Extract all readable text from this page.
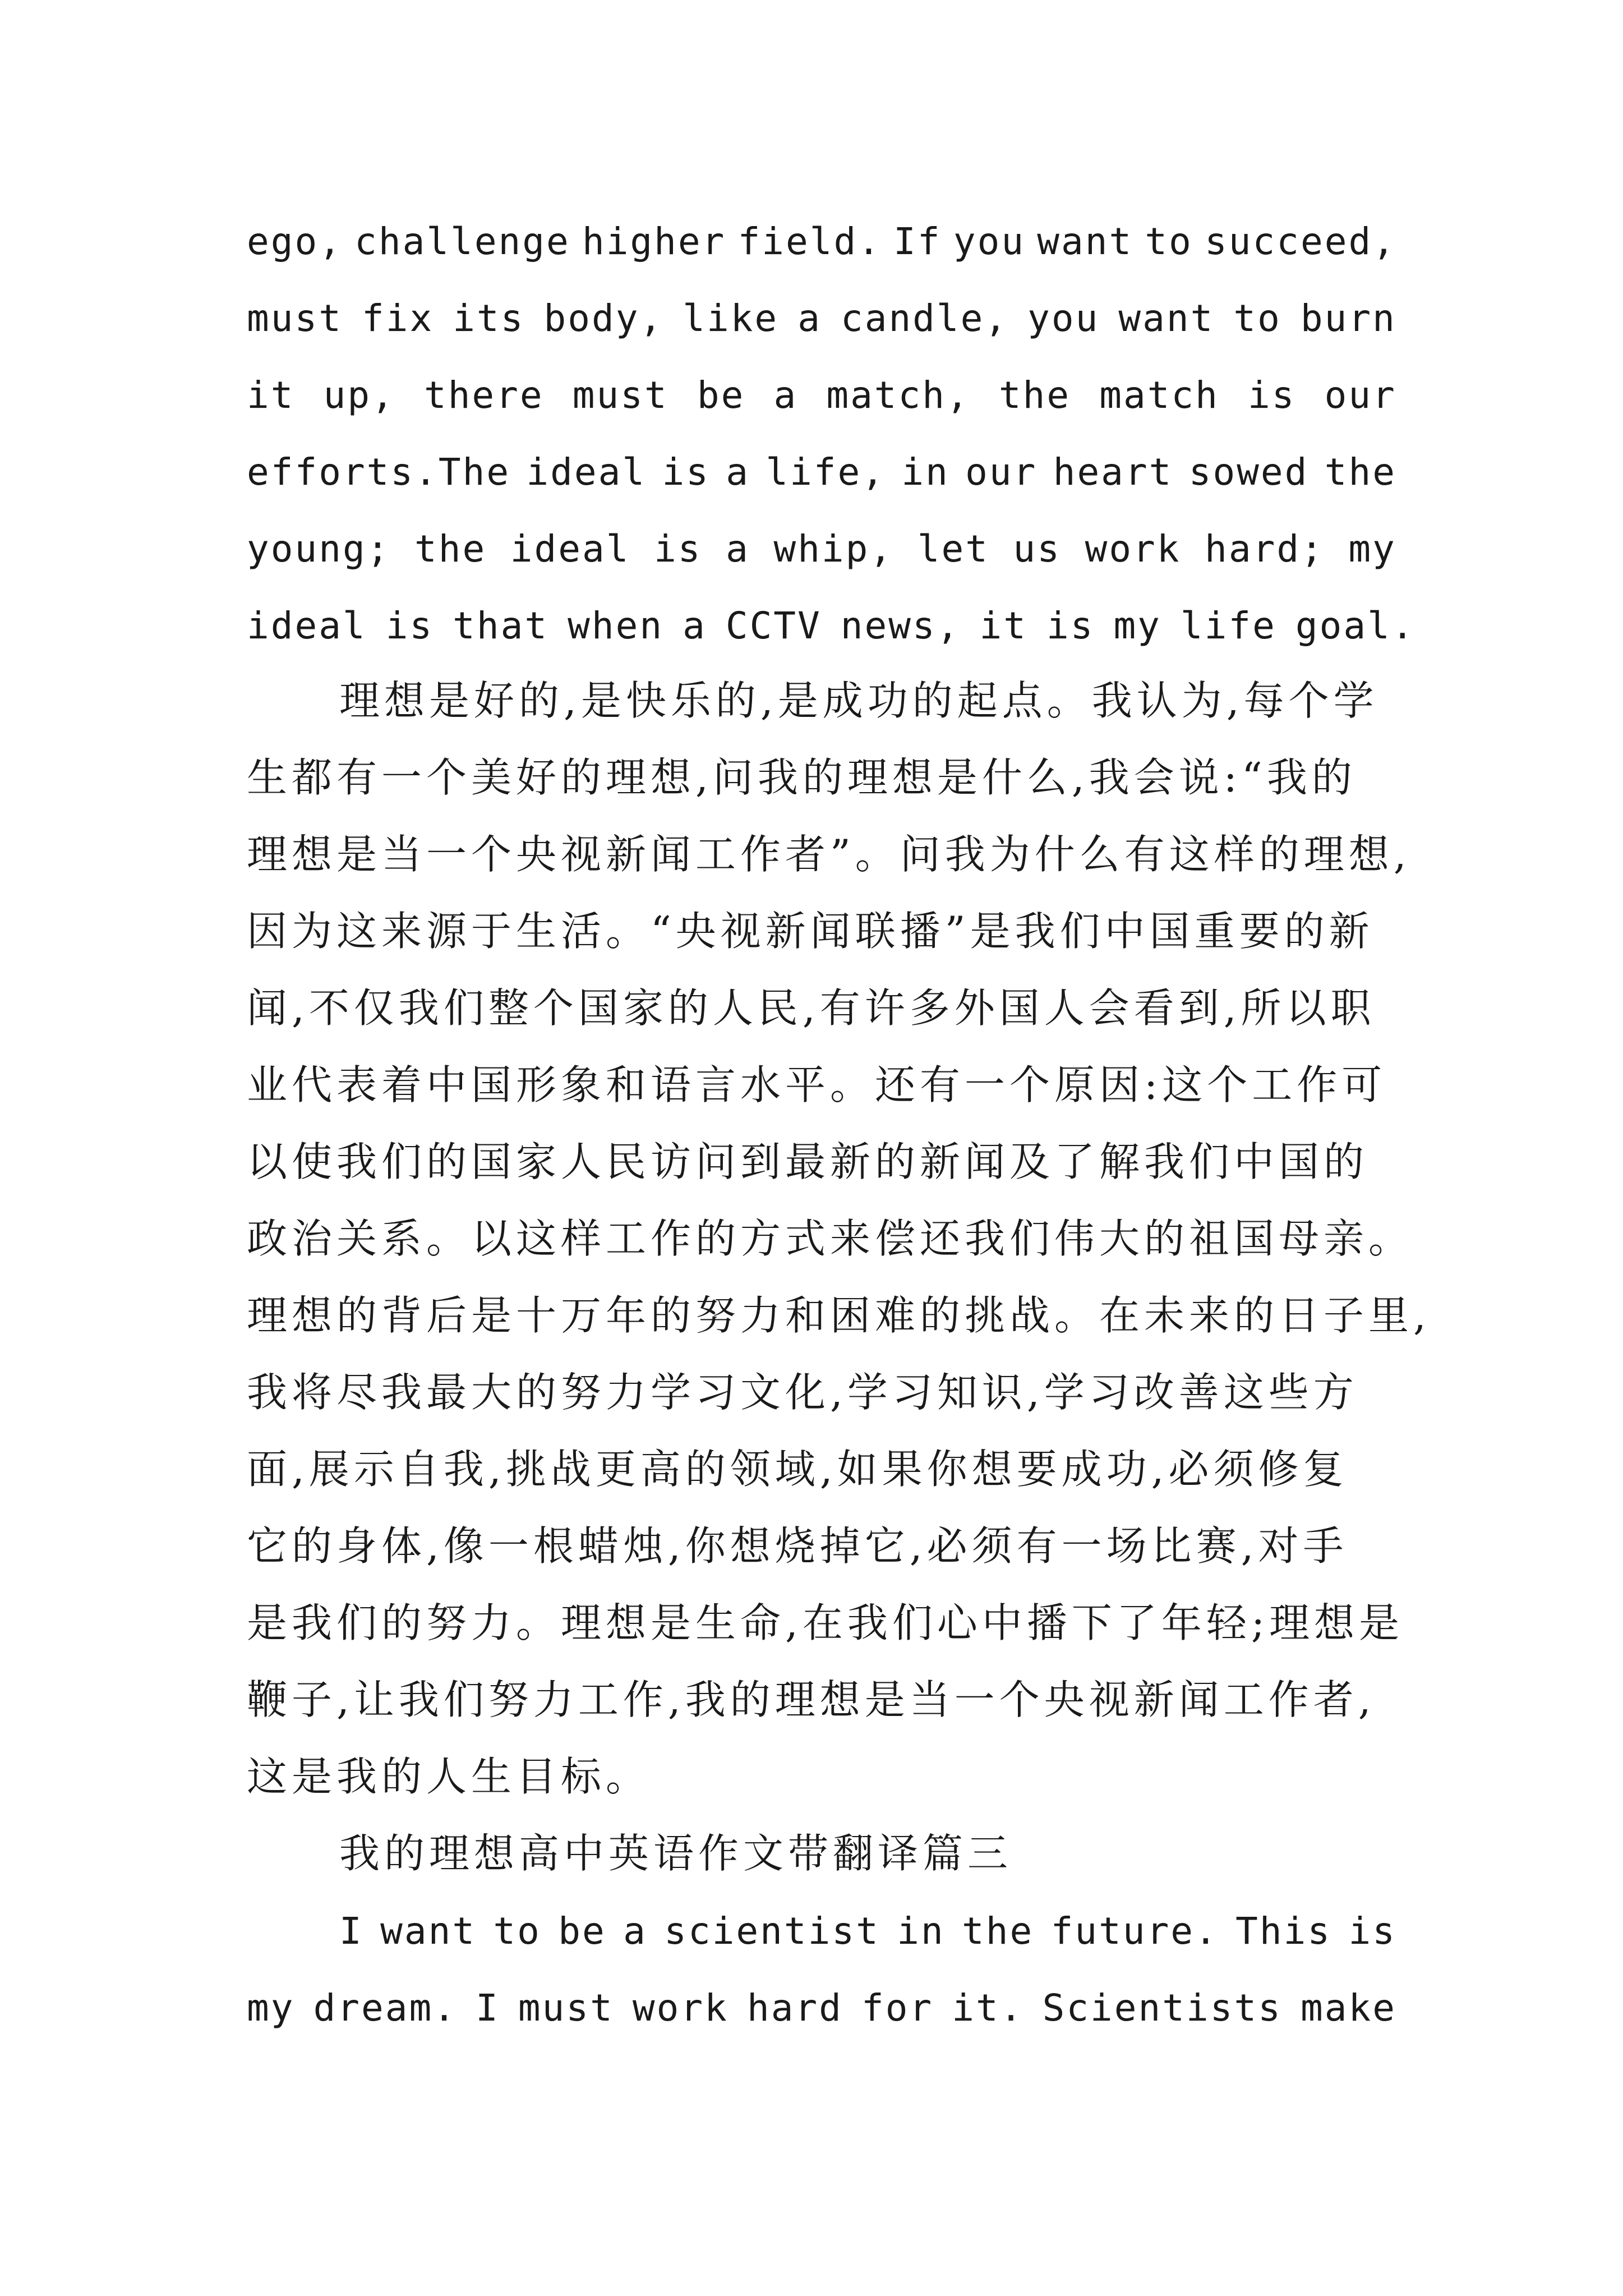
ego, challenge higher field. If you want to succeed,
must fix its body, like a candle, you want to burn
it up, there must be a match, the match is our
efforts.The ideal is a life, in our heart sowed the
young; the ideal is a whip, let us work hard; my
ideal is that when a CCTV news, it is my life goal.

理想是好的,是快乐的,是成功的起点。我认为,每个学

生都有一个美好的理想,问我的理想是什么,我会说:“我的

理想是当一个央视新闻工作者”。问我为什么有这样的理想,

因为这来源于生活。“央视新闻联播”是我们中国重要的新

闻,不仅我们整个国家的人民,有许多外国人会看到,所以职

业代表着中国形象和语言水平。还有一个原因:这个工作可

以使我们的国家人民访问到最新的新闻及了解我们中国的

政治关系。以这样工作的方式来偿还我们伟大的祖国母亲。

理想的背后是十万年的努力和困难的挑战。在未来的日子里,

我将尽我最大的努力学习文化,学习知识,学习改善这些方

面,展示自我,挑战更高的领域,如果你想要成功,必须修复

它的身体,像一根蜡烛,你想烧掉它,必须有一场比赛,对手

是我们的努力。理想是生命,在我们心中播下了年轻;理想是

鞭子,让我们努力工作,我的理想是当一个央视新闻工作者,

这是我的人生目标。

我的理想高中英语作文带翻译篇三

I want to be a scientist in the future. This is
my dream. I must work hard for it. Scientists make
